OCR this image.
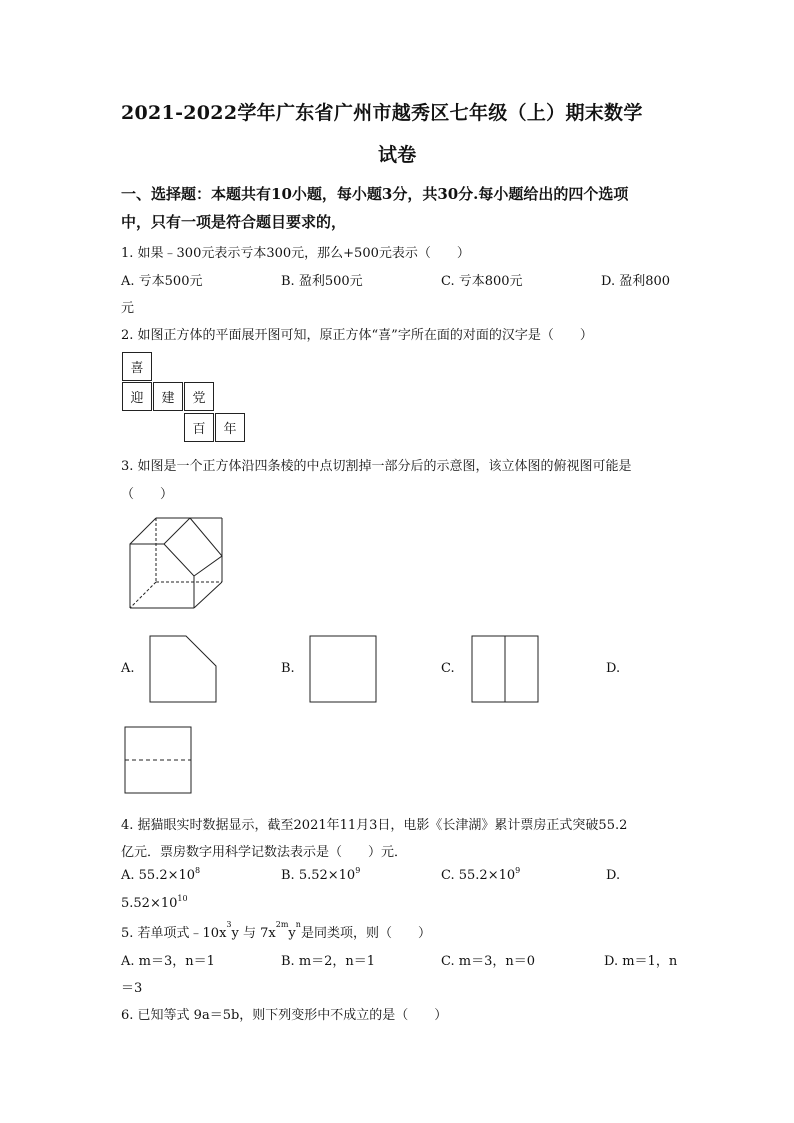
2021-2022学年广东省广州市越秀区七年级（上）期末数学
试卷
一、选择题：本题共有10小题，每小题3分，共30分.每小题给出的四个选项
中，只有一项是符合题目要求的，
1. 如果﹣300元表示亏本300元，那么+500元表示（　　）
A. 亏本500元	B. 盈利500元	C. 亏本800元	D. 盈利800
元
2. 如图正方体的平面展开图可知，原正方体“喜”字所在面的对面的汉字是（　　）
喜
迎	建	党
百	年
3. 如图是一个正方体沿四条棱的中点切割掉一部分后的示意图，该立体图的俯视图可能是
（　　）
A.	B.	C.	D.
4. 据猫眼实时数据显示，截至2021年11月3日，电影《长津湖》累计票房正式突破55.2
亿元．票房数字用科学记数法表示是（　　）元．
A. $55.2\times 10^8$	B. $5.52\times 10^9$	C. $55.2\times 10^9$	D.
$5.52\times 10^{10}$
5. 若单项式$﹣10x^3y$ 与 $7x^{2m}y^n$是同类项，则（　　）
A. m＝3，n＝1	B. m＝2，n＝1	C. m＝3，n＝0	D. m＝1，n
＝3
6. 已知等式 9a＝5b，则下列变形中不成立的是（　　）
